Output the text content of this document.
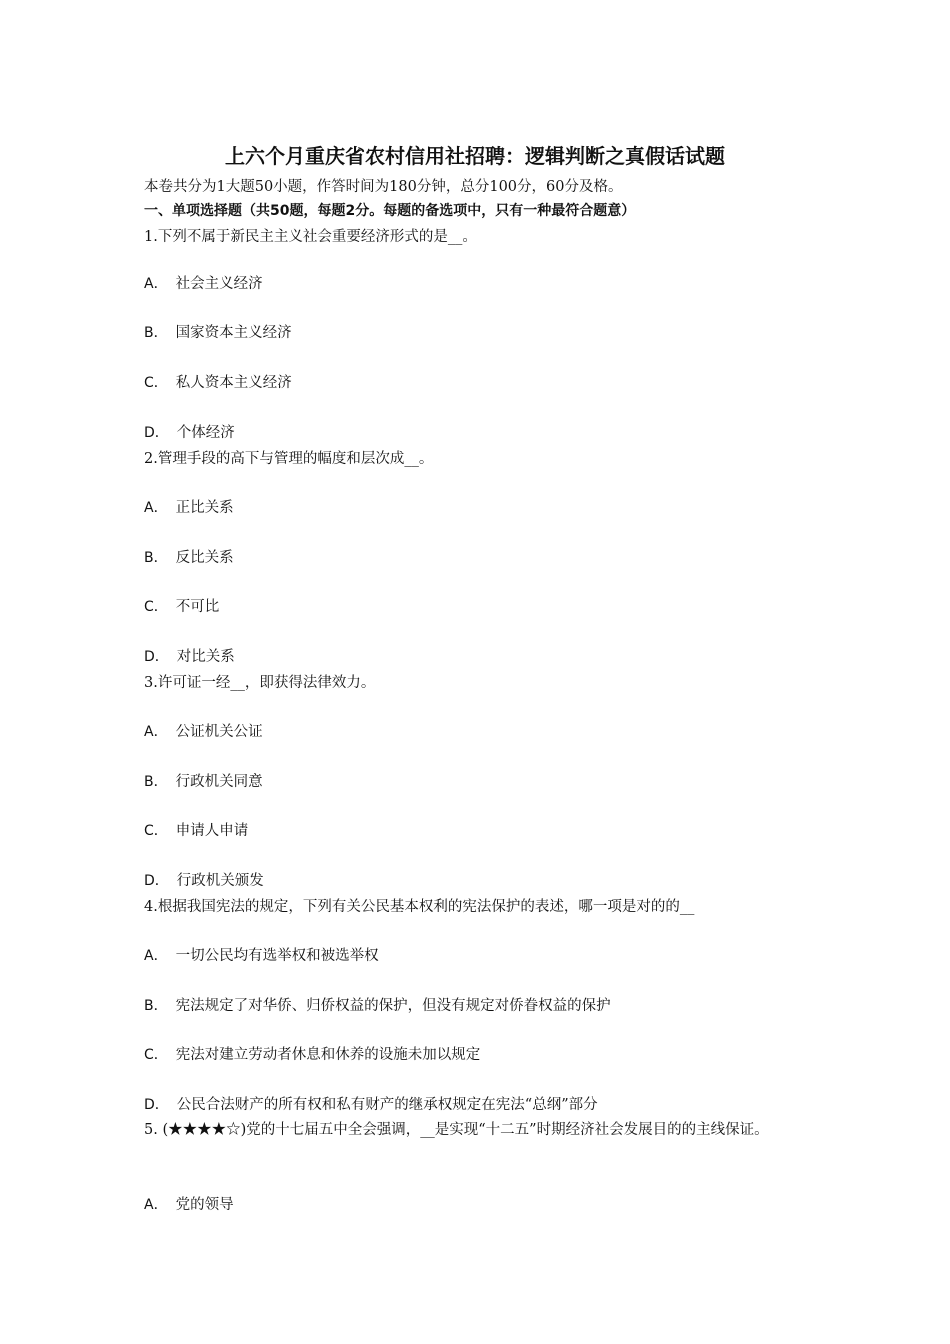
上六个月重庆省农村信用社招聘：逻辑判断之真假话试题
本卷共分为1大题50小题，作答时间为180分钟，总分100分，60分及格。
一、单项选择题（共50题，每题2分。每题的备选项中，只有一种最符合题意）
1.下列不属于新民主主义社会重要经济形式的是__。
A． 社会主义经济
B． 国家资本主义经济
C． 私人资本主义经济
D． 个体经济
2.管理手段的高下与管理的幅度和层次成__。
A． 正比关系
B． 反比关系
C． 不可比
D． 对比关系
3.许可证一经__，即获得法律效力。
A． 公证机关公证
B． 行政机关同意
C． 申请人申请
D． 行政机关颁发
4.根据我国宪法的规定，下列有关公民基本权利的宪法保护的表述，哪一项是对的的__
A． 一切公民均有选举权和被选举权
B． 宪法规定了对华侨、归侨权益的保护，但没有规定对侨眷权益的保护
C． 宪法对建立劳动者休息和休养的设施未加以规定
D． 公民合法财产的所有权和私有财产的继承权规定在宪法“总纲”部分
5. (★★★★☆)党的十七届五中全会强调，__是实现“十二五”时期经济社会发展目的的主线保证。
A． 党的领导
